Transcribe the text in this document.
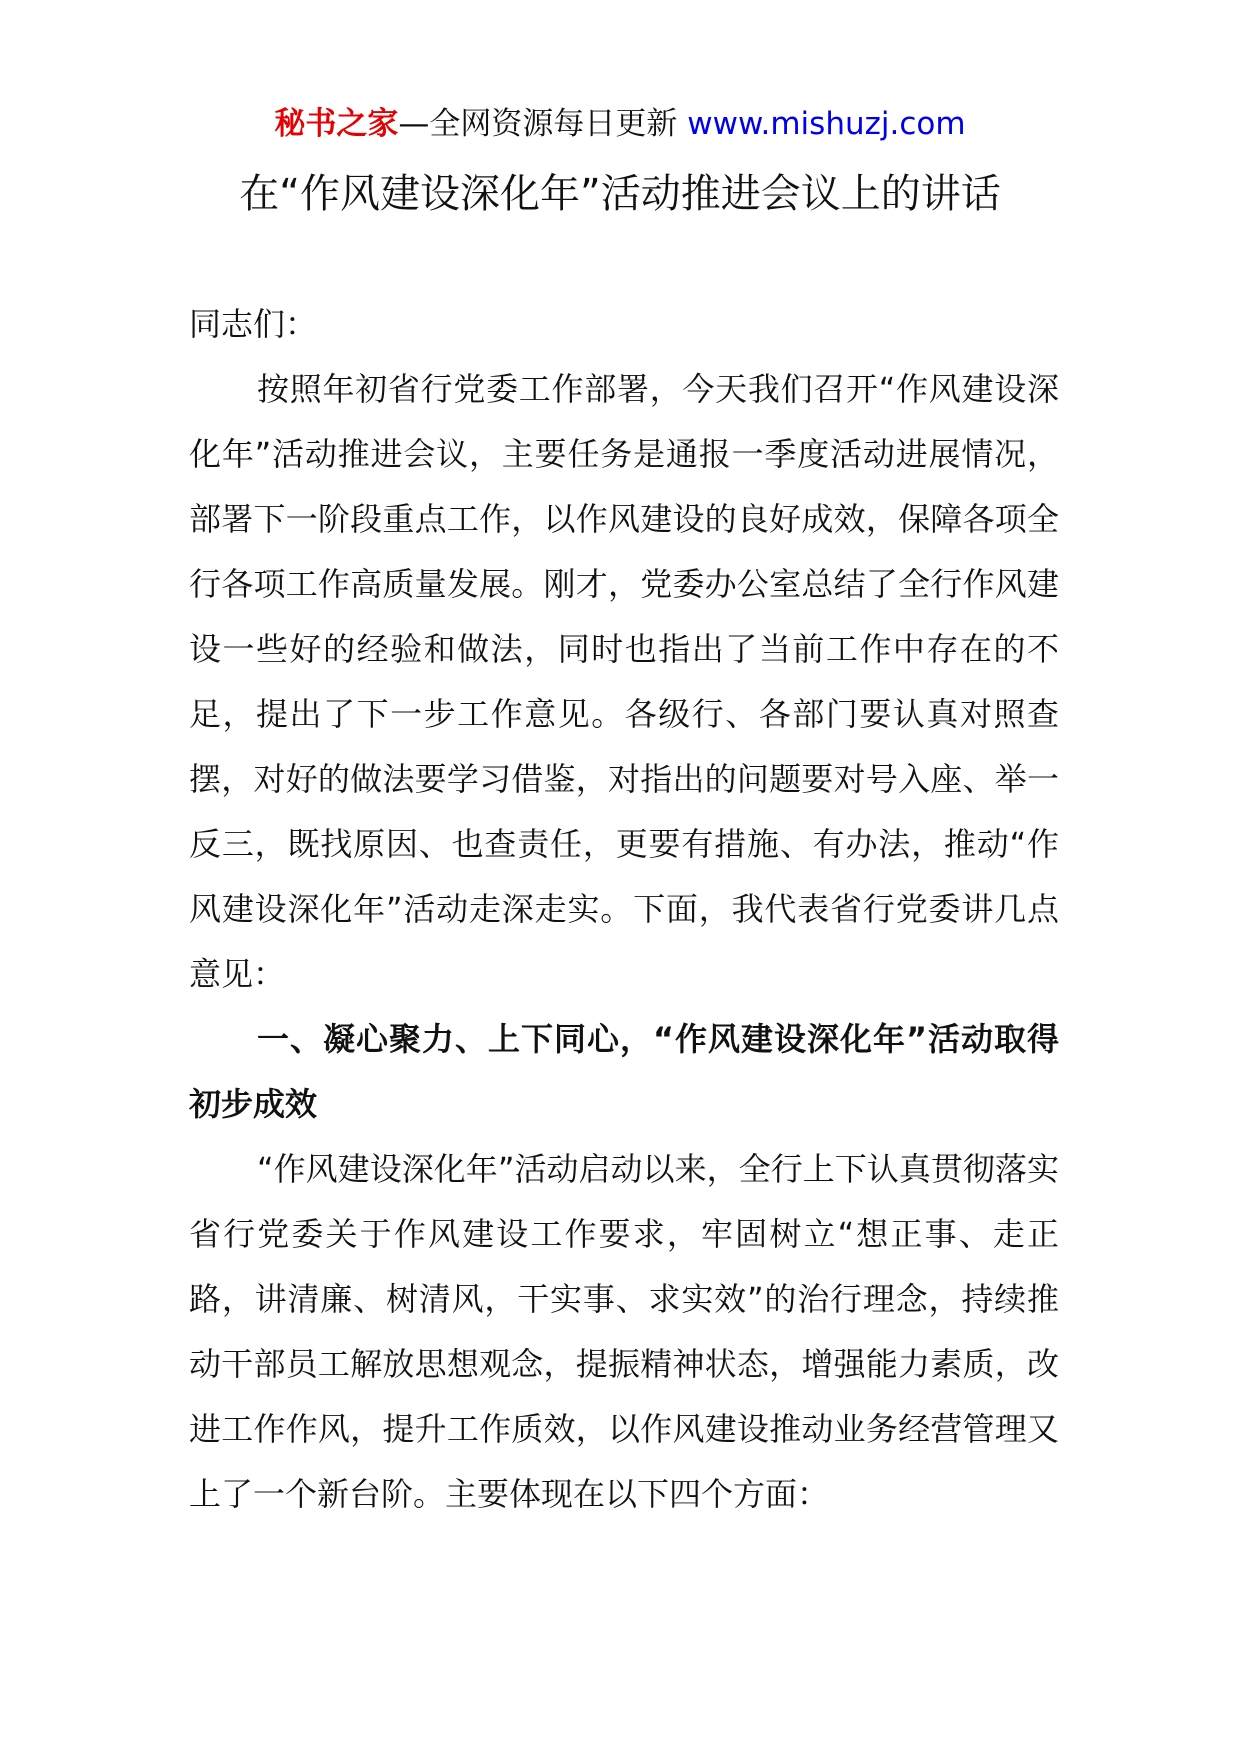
秘书之家—全网资源每日更新 www.mishuzj.com
在“作风建设深化年”活动推进会议上的讲话

同志们：

按照年初省行党委工作部署，今天我们召开“作风建设深化年”活动推进会议，主要任务是通报一季度活动进展情况，部署下一阶段重点工作，以作风建设的良好成效，保障各项全行各项工作高质量发展。刚才，党委办公室总结了全行作风建设一些好的经验和做法，同时也指出了当前工作中存在的不足，提出了下一步工作意见。各级行、各部门要认真对照查摆，对好的做法要学习借鉴，对指出的问题要对号入座、举一反三，既找原因、也查责任，更要有措施、有办法，推动“作风建设深化年”活动走深走实。下面，我代表省行党委讲几点意见：

一、凝心聚力、上下同心，“作风建设深化年”活动取得初步成效

“作风建设深化年”活动启动以来，全行上下认真贯彻落实省行党委关于作风建设工作要求，牢固树立“想正事、走正路，讲清廉、树清风，干实事、求实效”的治行理念，持续推动干部员工解放思想观念，提振精神状态，增强能力素质，改进工作作风，提升工作质效，以作风建设推动业务经营管理又上了一个新台阶。主要体现在以下四个方面：
